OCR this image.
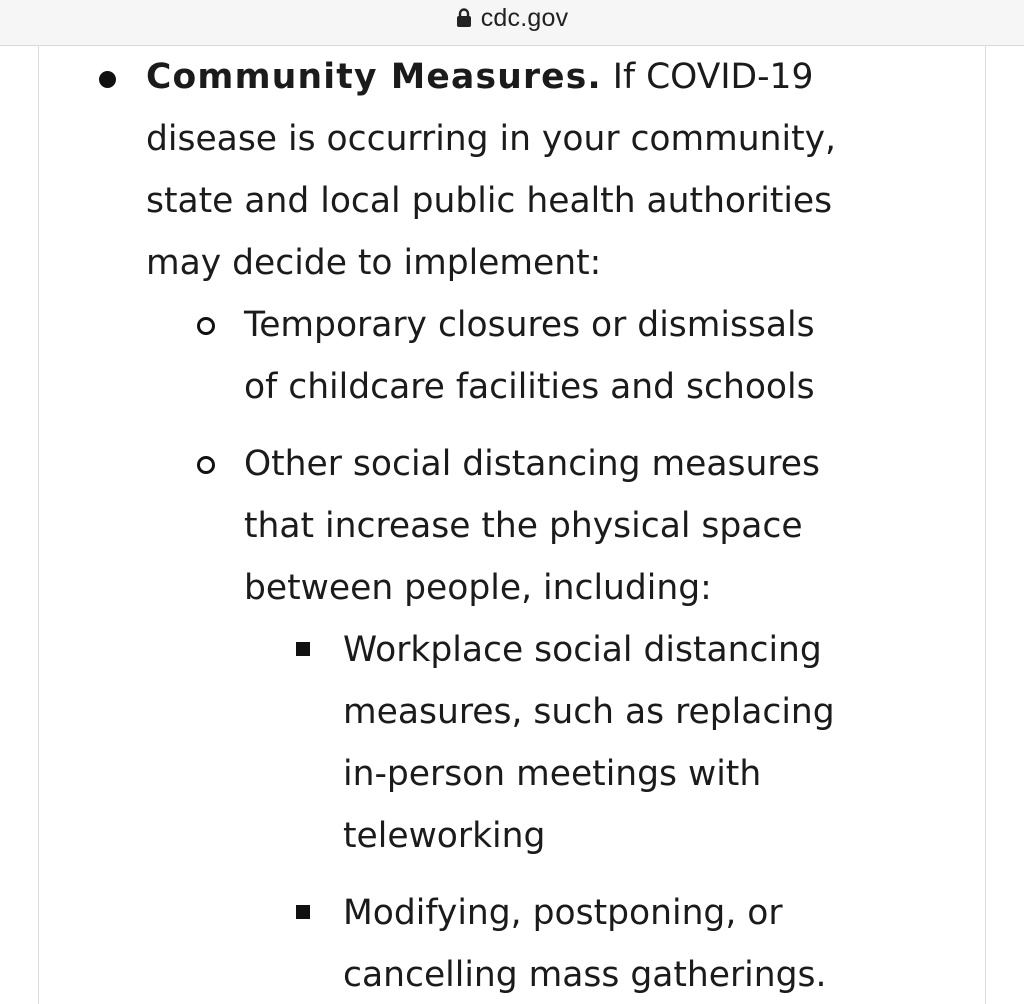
cdc.gov
Community Measures. If COVID-19
disease is occurring in your community,
state and local public health authorities
may decide to implement:
Temporary closures or dismissals
of childcare facilities and schools
Other social distancing measures
that increase the physical space
between people, including:
Workplace social distancing
measures, such as replacing
in-person meetings with
teleworking
Modifying, postponing, or
cancelling mass gatherings.
